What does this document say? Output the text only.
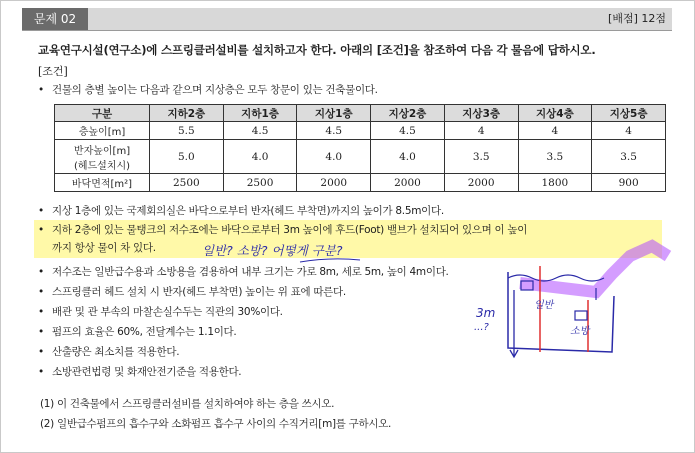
문제 02	[배점] 12점
교육연구시설(연구소)에 스프링클러설비를 설치하고자 한다. 아래의 [조건]을 참조하여 다음 각 물음에 답하시오.
[조건]
• 건물의 층별 높이는 다음과 같으며 지상층은 모두 창문이 있는 건축물이다.
구분	지하2층	지하1층	지상1층	지상2층	지상3층	지상4층	지상5층
층높이[m]	5.5	4.5	4.5	4.5	4	4	4

반자높이[m]
(헤드설치시)	5.0	4.0	4.0	4.0	3.5	3.5	3.5
바닥면적[m²]	2500	2500	2000	2000	2000	1800	900
• 지상 1층에 있는 국제회의실은 바닥으로부터 반자(헤드 부착면)까지의 높이가 8.5m이다.
• 지하 2층에 있는 물탱크의 저수조에는 바닥으로부터 3m 높이에 후드(Foot) 밸브가 설치되어 있으며 이 높이
까지 항상 물이 차 있다.
• 저수조는 일반급수용과 소방용을 겸용하여 내부 크기는 가로 8m, 세로 5m, 높이 4m이다.
• 스프링클러 헤드 설치 시 반자(헤드 부착면) 높이는 위 표에 따른다.
• 배관 및 관 부속의 마찰손실수두는 직관의 30%이다.
• 펌프의 효율은 60%, 전달계수는 1.1이다.
• 산출량은 최소치를 적용한다.
• 소방관련법령 및 화재안전기준을 적용한다.
(1) 이 건축물에서 스프링클러설비를 설치하여야 하는 층을 쓰시오.
(2) 일반급수펌프의 흡수구와 소화펌프 흡수구 사이의 수직거리[m]를 구하시오.
일반? 소방? 어떻게 구분?
3m
...?
일반
소방
